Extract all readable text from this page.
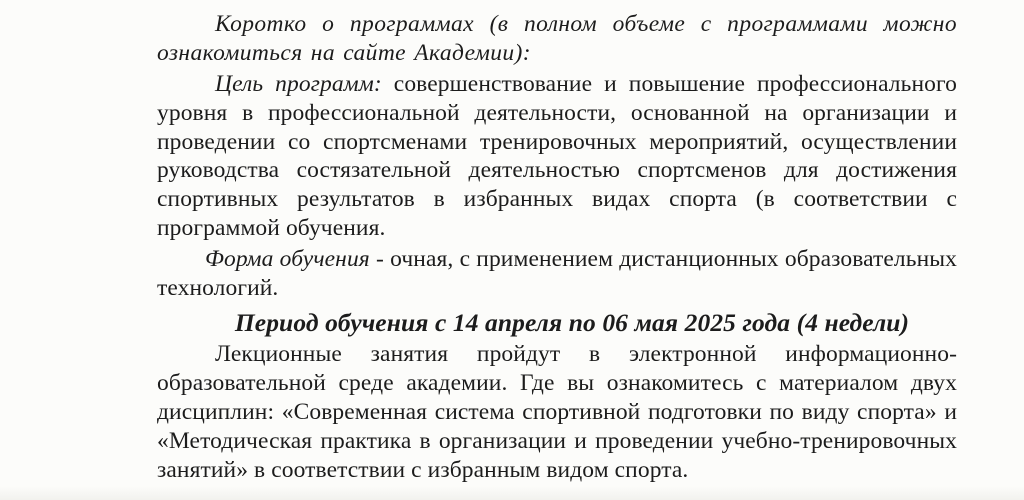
Коротко о программах (в полном объеме с программами можно ознакомиться на сайте Академии):

Цель программ: совершенствование и повышение профессионального уровня в профессиональной деятельности, основанной на организации и проведении со спортсменами тренировочных мероприятий, осуществлении руководства состязательной деятельностью спортсменов для достижения спортивных результатов в избранных видах спорта (в соответствии с программой обучения.

Форма обучения - очная, с применением дистанционных образовательных технологий.

Период обучения с 14 апреля по 06 мая 2025 года (4 недели)

Лекционные занятия пройдут в электронной информационно-образовательной среде академии. Где вы ознакомитесь с материалом двух дисциплин: «Современная система спортивной подготовки по виду спорта» и «Методическая практика в организации и проведении учебно-тренировочных занятий» в соответствии с избранным видом спорта.
